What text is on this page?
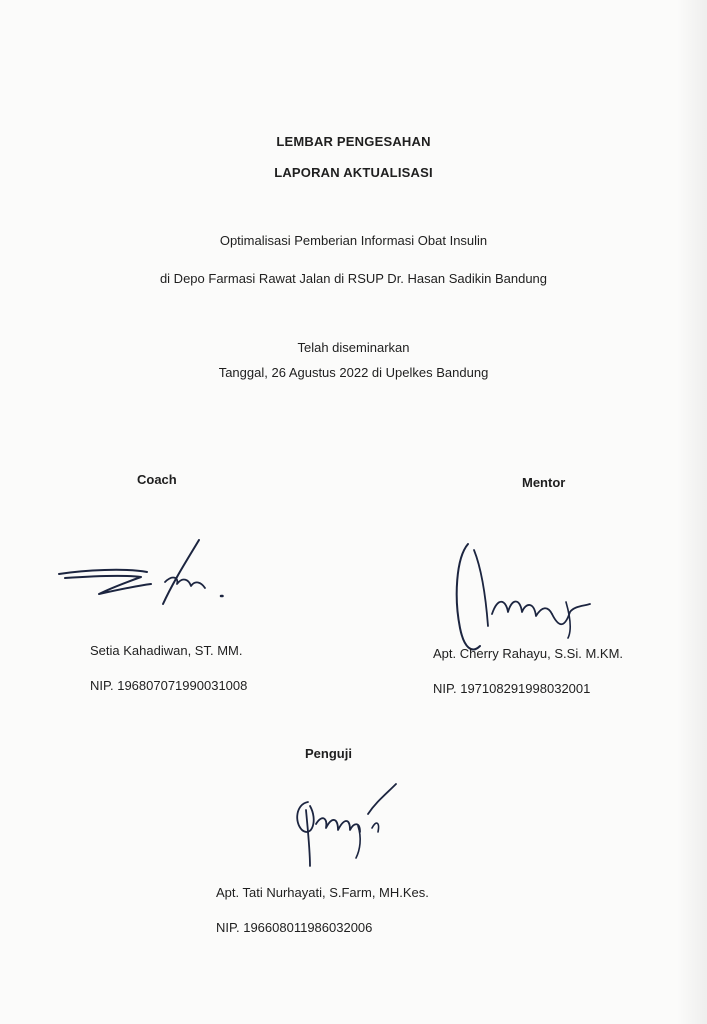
LEMBAR PENGESAHAN
LAPORAN AKTUALISASI
Optimalisasi Pemberian Informasi Obat Insulin
di Depo Farmasi Rawat Jalan di RSUP Dr. Hasan Sadikin Bandung
Telah diseminarkan
Tanggal, 26 Agustus 2022 di Upelkes Bandung
Coach
Setia Kahadiwan, ST. MM.
NIP. 196807071990031008
Mentor
Apt. Cherry Rahayu, S.Si. M.KM.
NIP. 197108291998032001
Penguji
Apt. Tati Nurhayati, S.Farm, MH.Kes.
NIP. 196608011986032006
